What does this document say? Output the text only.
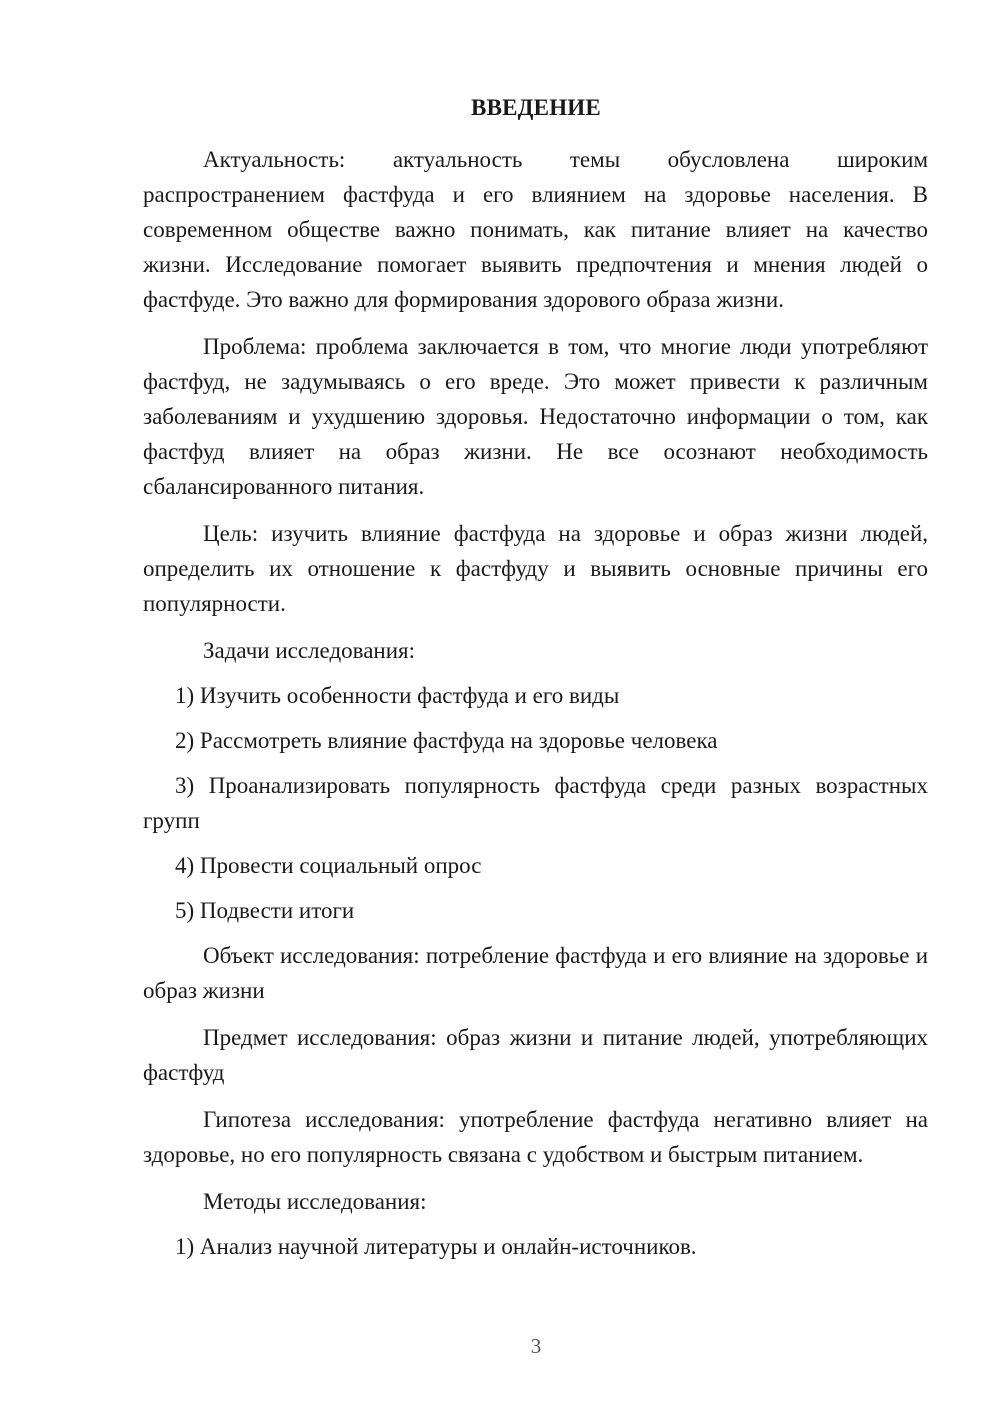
ВВЕДЕНИЕ

Актуальность: актуальность темы обусловлена широким распространением фастфуда и его влиянием на здоровье населения. В современном обществе важно понимать, как питание влияет на качество жизни. Исследование помогает выявить предпочтения и мнения людей о фастфуде. Это важно для формирования здорового образа жизни.

Проблема: проблема заключается в том, что многие люди употребляют фастфуд, не задумываясь о его вреде. Это может привести к различным заболеваниям и ухудшению здоровья. Недостаточно информации о том, как фастфуд влияет на образ жизни. Не все осознают необходимость сбалансированного питания.

Цель: изучить влияние фастфуда на здоровье и образ жизни людей, определить их отношение к фастфуду и выявить основные причины его популярности.

Задачи исследования:

1) Изучить особенности фастфуда и его виды

2) Рассмотреть влияние фастфуда на здоровье человека

3) Проанализировать популярность фастфуда среди разных возрастных групп

4) Провести социальный опрос

5) Подвести итоги

Объект исследования: потребление фастфуда и его влияние на здоровье и образ жизни

Предмет исследования: образ жизни и питание людей, употребляющих фастфуд

Гипотеза исследования: употребление фастфуда негативно влияет на здоровье, но его популярность связана с удобством и быстрым питанием.

Методы исследования:

1) Анализ научной литературы и онлайн-источников.

3
